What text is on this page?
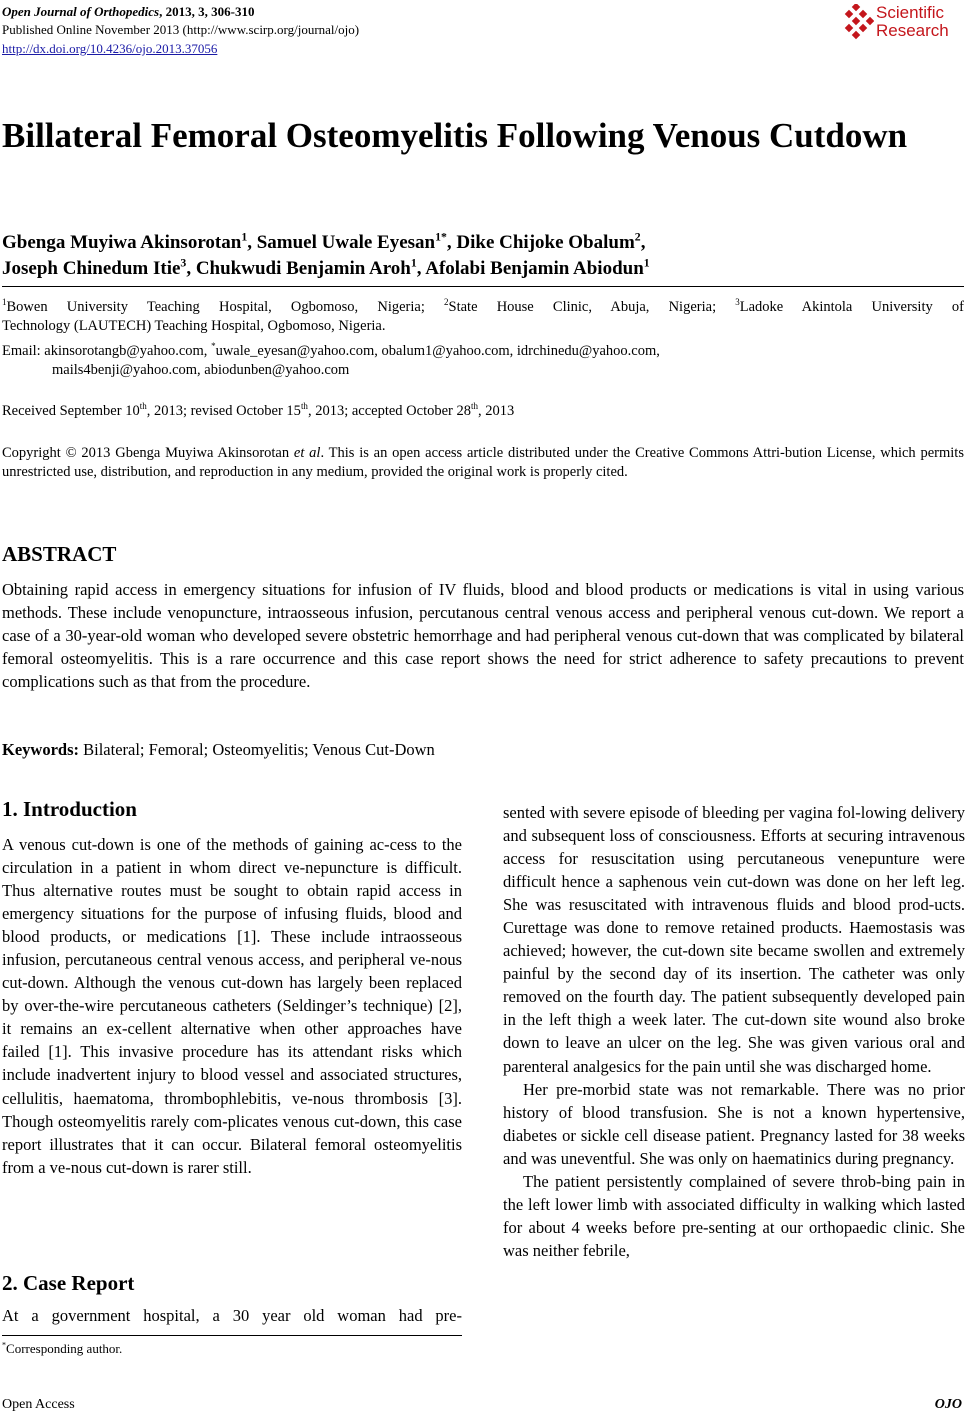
Open Journal of Orthopedics, 2013, 3, 306-310
Published Online November 2013 (http://www.scirp.org/journal/ojo)
http://dx.doi.org/10.4236/ojo.2013.37056
Scientific
Research
Billateral Femoral Osteomyelitis Following Venous Cutdown
Gbenga Muyiwa Akinsorotan$^1$, Samuel Uwale Eyesan$^{1*}$, Dike Chijoke Obalum$^2$,
Joseph Chinedum Itie$^3$, Chukwudi Benjamin Aroh$^1$, Afolabi Benjamin Abiodun$^1$
$^1$Bowen University Teaching Hospital, Ogbomoso, Nigeria; $^2$State House Clinic, Abuja, Nigeria; $^3$Ladoke Akintola University of
Technology (LAUTECH) Teaching Hospital, Ogbomoso, Nigeria.
Email: akinsorotangb@yahoo.com, *uwale_eyesan@yahoo.com, obalum1@yahoo.com, idrchinedu@yahoo.com,
mails4benji@yahoo.com, abiodunben@yahoo.com
Received September 10th, 2013; revised October 15th, 2013; accepted October 28th, 2013
Copyright © 2013 Gbenga Muyiwa Akinsorotan et al. This is an open access article distributed under the Creative Commons Attri-bution License, which permits unrestricted use, distribution, and reproduction in any medium, provided the original work is properly cited.
ABSTRACT
Obtaining rapid access in emergency situations for infusion of IV fluids, blood and blood products or medications is vital in using various methods. These include venopuncture, intraosseous infusion, percutanous central venous access and peripheral venous cut-down. We report a case of a 30-year-old woman who developed severe obstetric hemorrhage and had peripheral venous cut-down that was complicated by bilateral femoral osteomyelitis. This is a rare occurrence and this case report shows the need for strict adherence to safety precautions to prevent complications such as that from the procedure.
Keywords: Bilateral; Femoral; Osteomyelitis; Venous Cut-Down
1. Introduction

A venous cut-down is one of the methods of gaining ac-cess to the circulation in a patient in whom direct ve-nepuncture is difficult. Thus alternative routes must be sought to obtain rapid access in emergency situations for the purpose of infusing fluids, blood and blood products, or medications [1]. These include intraosseous infusion, percutaneous central venous access, and peripheral ve-nous cut-down. Although the venous cut-down has largely been replaced by over-the-wire percutaneous catheters (Seldinger’s technique) [2], it remains an ex-cellent alternative when other approaches have failed [1]. This invasive procedure has its attendant risks which include inadvertent injury to blood vessel and associated structures, cellulitis, haematoma, thrombophlebitis, ve-nous thrombosis [3]. Though osteomyelitis rarely com-plicates venous cut-down, this case report illustrates that it can occur. Bilateral femoral osteomyelitis from a ve-nous cut-down is rarer still.

2. Case Report

At a government hospital, a 30 year old woman had pre-

*Corresponding author.

sented with severe episode of bleeding per vagina fol-lowing delivery and subsequent loss of consciousness. Efforts at securing intravenous access for resuscitation using percutaneous venepunture were difficult hence a saphenous vein cut-down was done on her left leg. She was resuscitated with intravenous fluids and blood prod-ucts. Curettage was done to remove retained products. Haemostasis was achieved; however, the cut-down site became swollen and extremely painful by the second day of its insertion. The catheter was only removed on the fourth day. The patient subsequently developed pain in the left thigh a week later. The cut-down site wound also broke down to leave an ulcer on the leg. She was given various oral and parenteral analgesics for the pain until she was discharged home.

Her pre-morbid state was not remarkable. There was no prior history of blood transfusion. She is not a known hypertensive, diabetes or sickle cell disease patient. Pregnancy lasted for 38 weeks and was uneventful. She was only on haematinics during pregnancy.

The patient persistently complained of severe throb-bing pain in the left lower limb with associated difficulty in walking which lasted for about 4 weeks before pre-senting at our orthopaedic clinic. She was neither febrile,

Open Access	OJO
